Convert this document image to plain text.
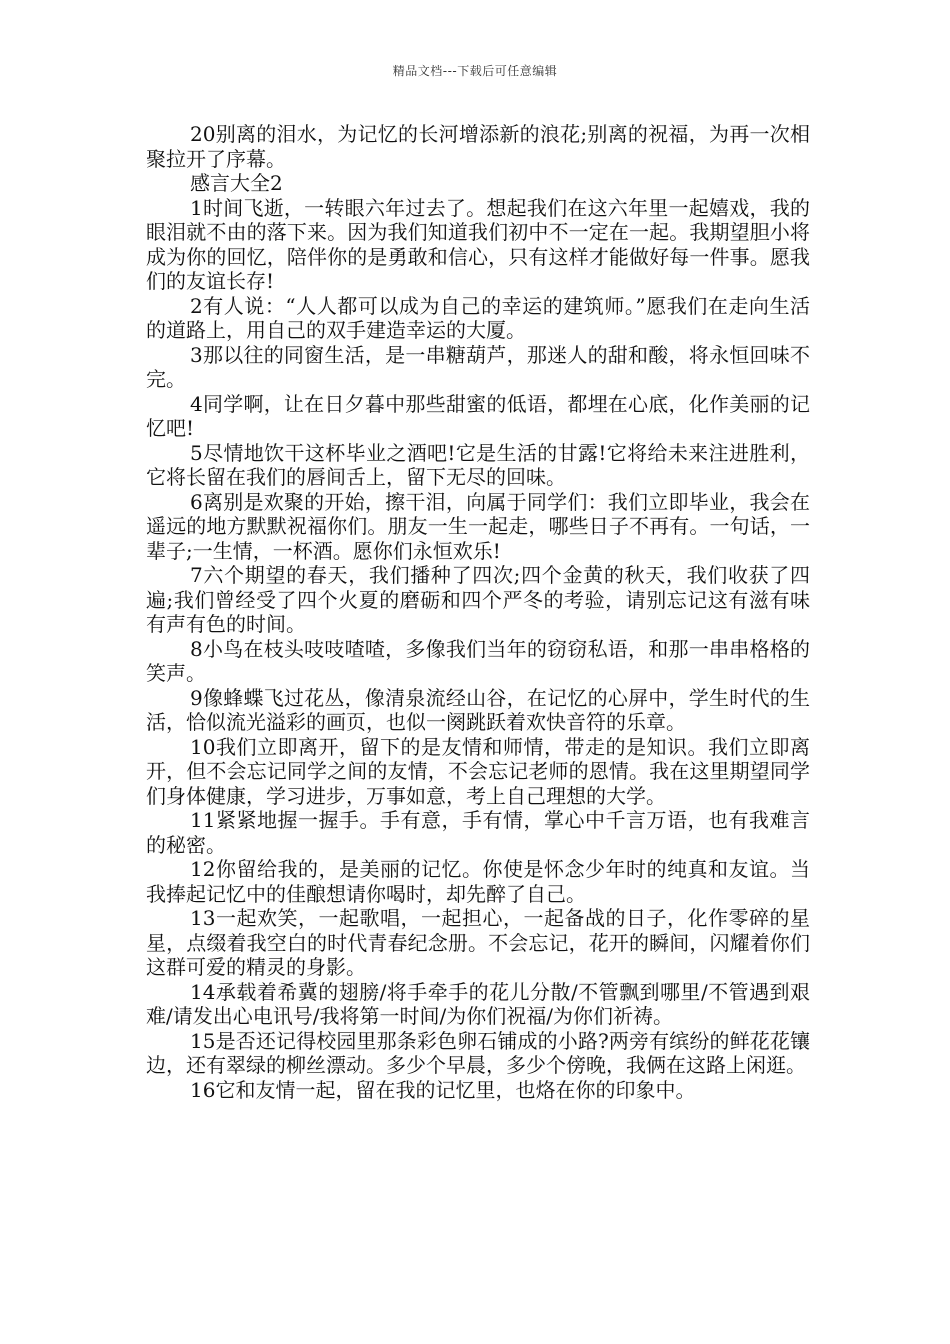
精品文档---下载后可任意编辑

20别离的泪水，为记忆的长河增添新的浪花;别离的祝福，为再一次相聚拉开了序幕。

感言大全2

1时间飞逝，一转眼六年过去了。想起我们在这六年里一起嬉戏，我的眼泪就不由的落下来。因为我们知道我们初中不一定在一起。我期望胆小将成为你的回忆，陪伴你的是勇敢和信心，只有这样才能做好每一件事。愿我们的友谊长存!

2有人说：“人人都可以成为自己的幸运的建筑师。”愿我们在走向生活的道路上，用自己的双手建造幸运的大厦。

3那以往的同窗生活，是一串糖葫芦，那迷人的甜和酸，将永恒回味不完。

4同学啊，让在日夕暮中那些甜蜜的低语，都埋在心底，化作美丽的记忆吧!

5尽情地饮干这杯毕业之酒吧!它是生活的甘露!它将给未来注进胜利，它将长留在我们的唇间舌上，留下无尽的回味。

6离别是欢聚的开始，擦干泪，向属于同学们：我们立即毕业，我会在遥远的地方默默祝福你们。朋友一生一起走，哪些日子不再有。一句话，一辈子;一生情，一杯酒。愿你们永恒欢乐!

7六个期望的春天，我们播种了四次;四个金黄的秋天，我们收获了四遍;我们曾经受了四个火夏的磨砺和四个严冬的考验，请别忘记这有滋有味有声有色的时间。

8小鸟在枝头吱吱喳喳，多像我们当年的窃窃私语，和那一串串格格的笑声。

9像蜂蝶飞过花丛，像清泉流经山谷，在记忆的心屏中，学生时代的生活，恰似流光溢彩的画页，也似一阕跳跃着欢快音符的乐章。

10我们立即离开，留下的是友情和师情，带走的是知识。我们立即离开，但不会忘记同学之间的友情，不会忘记老师的恩情。我在这里期望同学们身体健康，学习进步，万事如意，考上自己理想的大学。

11紧紧地握一握手。手有意，手有情，掌心中千言万语，也有我难言的秘密。

12你留给我的，是美丽的记忆。你使是怀念少年时的纯真和友谊。当我捧起记忆中的佳酿想请你喝时，却先醉了自己。

13一起欢笑，一起歌唱，一起担心，一起备战的日子，化作零碎的星星，点缀着我空白的时代青春纪念册。不会忘记，花开的瞬间，闪耀着你们这群可爱的精灵的身影。

14承载着希冀的翅膀/将手牵手的花儿分散/不管飘到哪里/不管遇到艰难/请发出心电讯号/我将第一时间/为你们祝福/为你们祈祷。

15是否还记得校园里那条彩色卵石铺成的小路?两旁有缤纷的鲜花花镶边，还有翠绿的柳丝漂动。多少个早晨，多少个傍晚，我俩在这路上闲逛。

16它和友情一起，留在我的记忆里，也烙在你的印象中。
